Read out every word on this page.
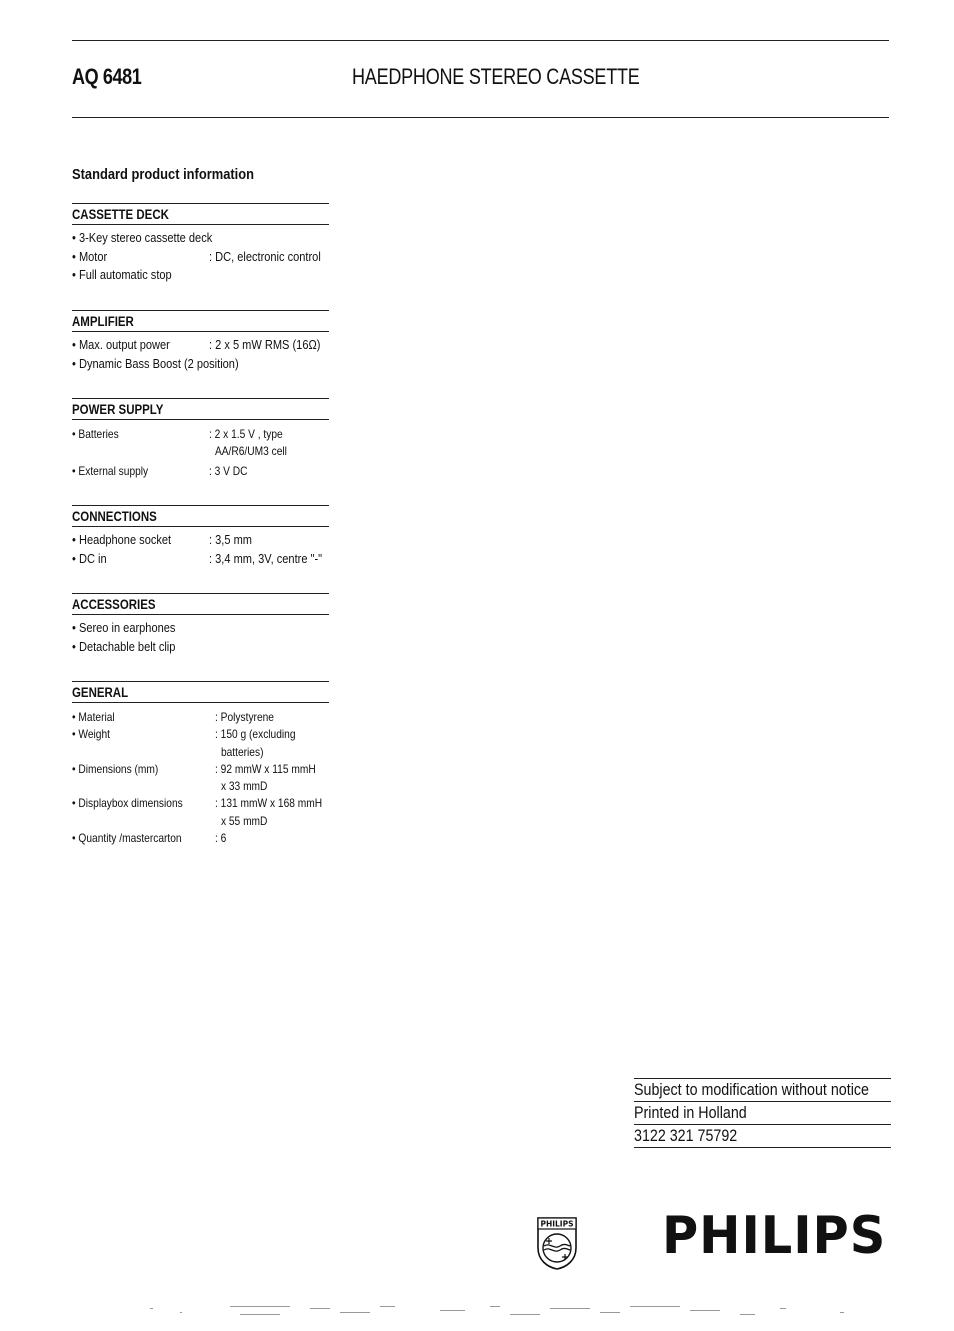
AQ 6481	HAEDPHONE STEREO CASSETTE
Standard product information
CASSETTE DECK
• 3-Key stereo cassette deck
• Motor	: DC, electronic control
• Full automatic stop
AMPLIFIER
• Max. output power	: 2 x 5 mW RMS (16Ω)
• Dynamic Bass Boost (2 position)
POWER SUPPLY
• Batteries	: 2 x 1.5 V , type
AA/R6/UM3 cell
• External supply	: 3 V DC
CONNECTIONS
• Headphone socket	: 3,5 mm
• DC in	: 3,4 mm, 3V, centre "-"
ACCESSORIES
• Sereo in earphones
• Detachable belt clip
GENERAL
• Material	: Polystyrene
• Weight	: 150 g (excluding
batteries)
• Dimensions (mm)	: 92 mmW x 115 mmH
x 33 mmD
• Displaybox dimensions	: 131 mmW x 168 mmH
x 55 mmD
• Quantity /mastercarton	: 6
Subject to modification without notice
Printed in Holland
3122 321 75792
PHILIPS PHILIPS
